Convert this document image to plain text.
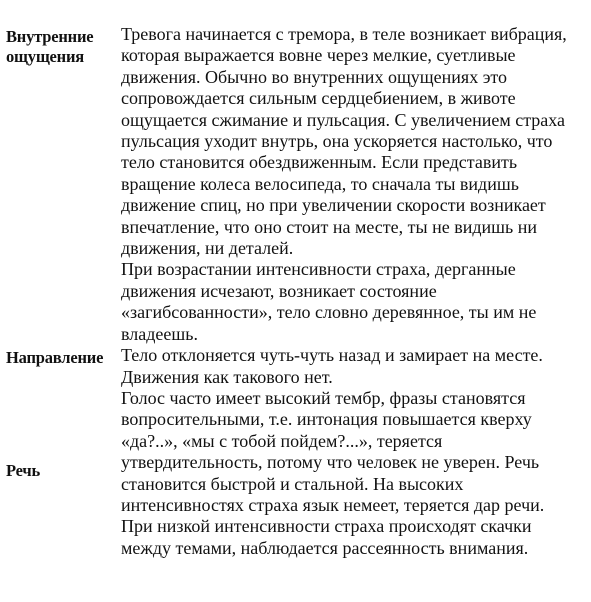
Внутренние
ощущения

Тревога начинается с тремора, в теле возникает вибрация, которая выражается вовне через мелкие, суетливые движения. Обычно во внутренних ощущениях это сопровождается сильным сердцебиением, в животе ощущается сжимание и пульсация. С увеличением страха пульсация уходит внутрь, она ускоряется настолько, что тело становится обездвиженным. Если представить вращение колеса велосипеда, то сначала ты видишь движение спиц, но при увеличении скорости возникает впечатление, что оно стоит на месте, ты не видишь ни движения, ни деталей.

При возрастании интенсивности страха, дерганные движения исчезают, возникает состояние «загибсованности», тело словно деревянное, ты им не владеешь.

Направление Тело отклоняется чуть-чуть назад и замирает на месте. Движения как такового нет.

Речь

Голос часто имеет высокий тембр, фразы становятся вопросительными, т.е. интонация повышается кверху «да?..», «мы с тобой пойдем?...», теряется утвердительность, потому что человек не уверен. Речь становится быстрой и стальной. На высоких интенсивностях страха язык немеет, теряется дар речи. При низкой интенсивности страха происходят скачки между темами, наблюдается рассеянность внимания.
